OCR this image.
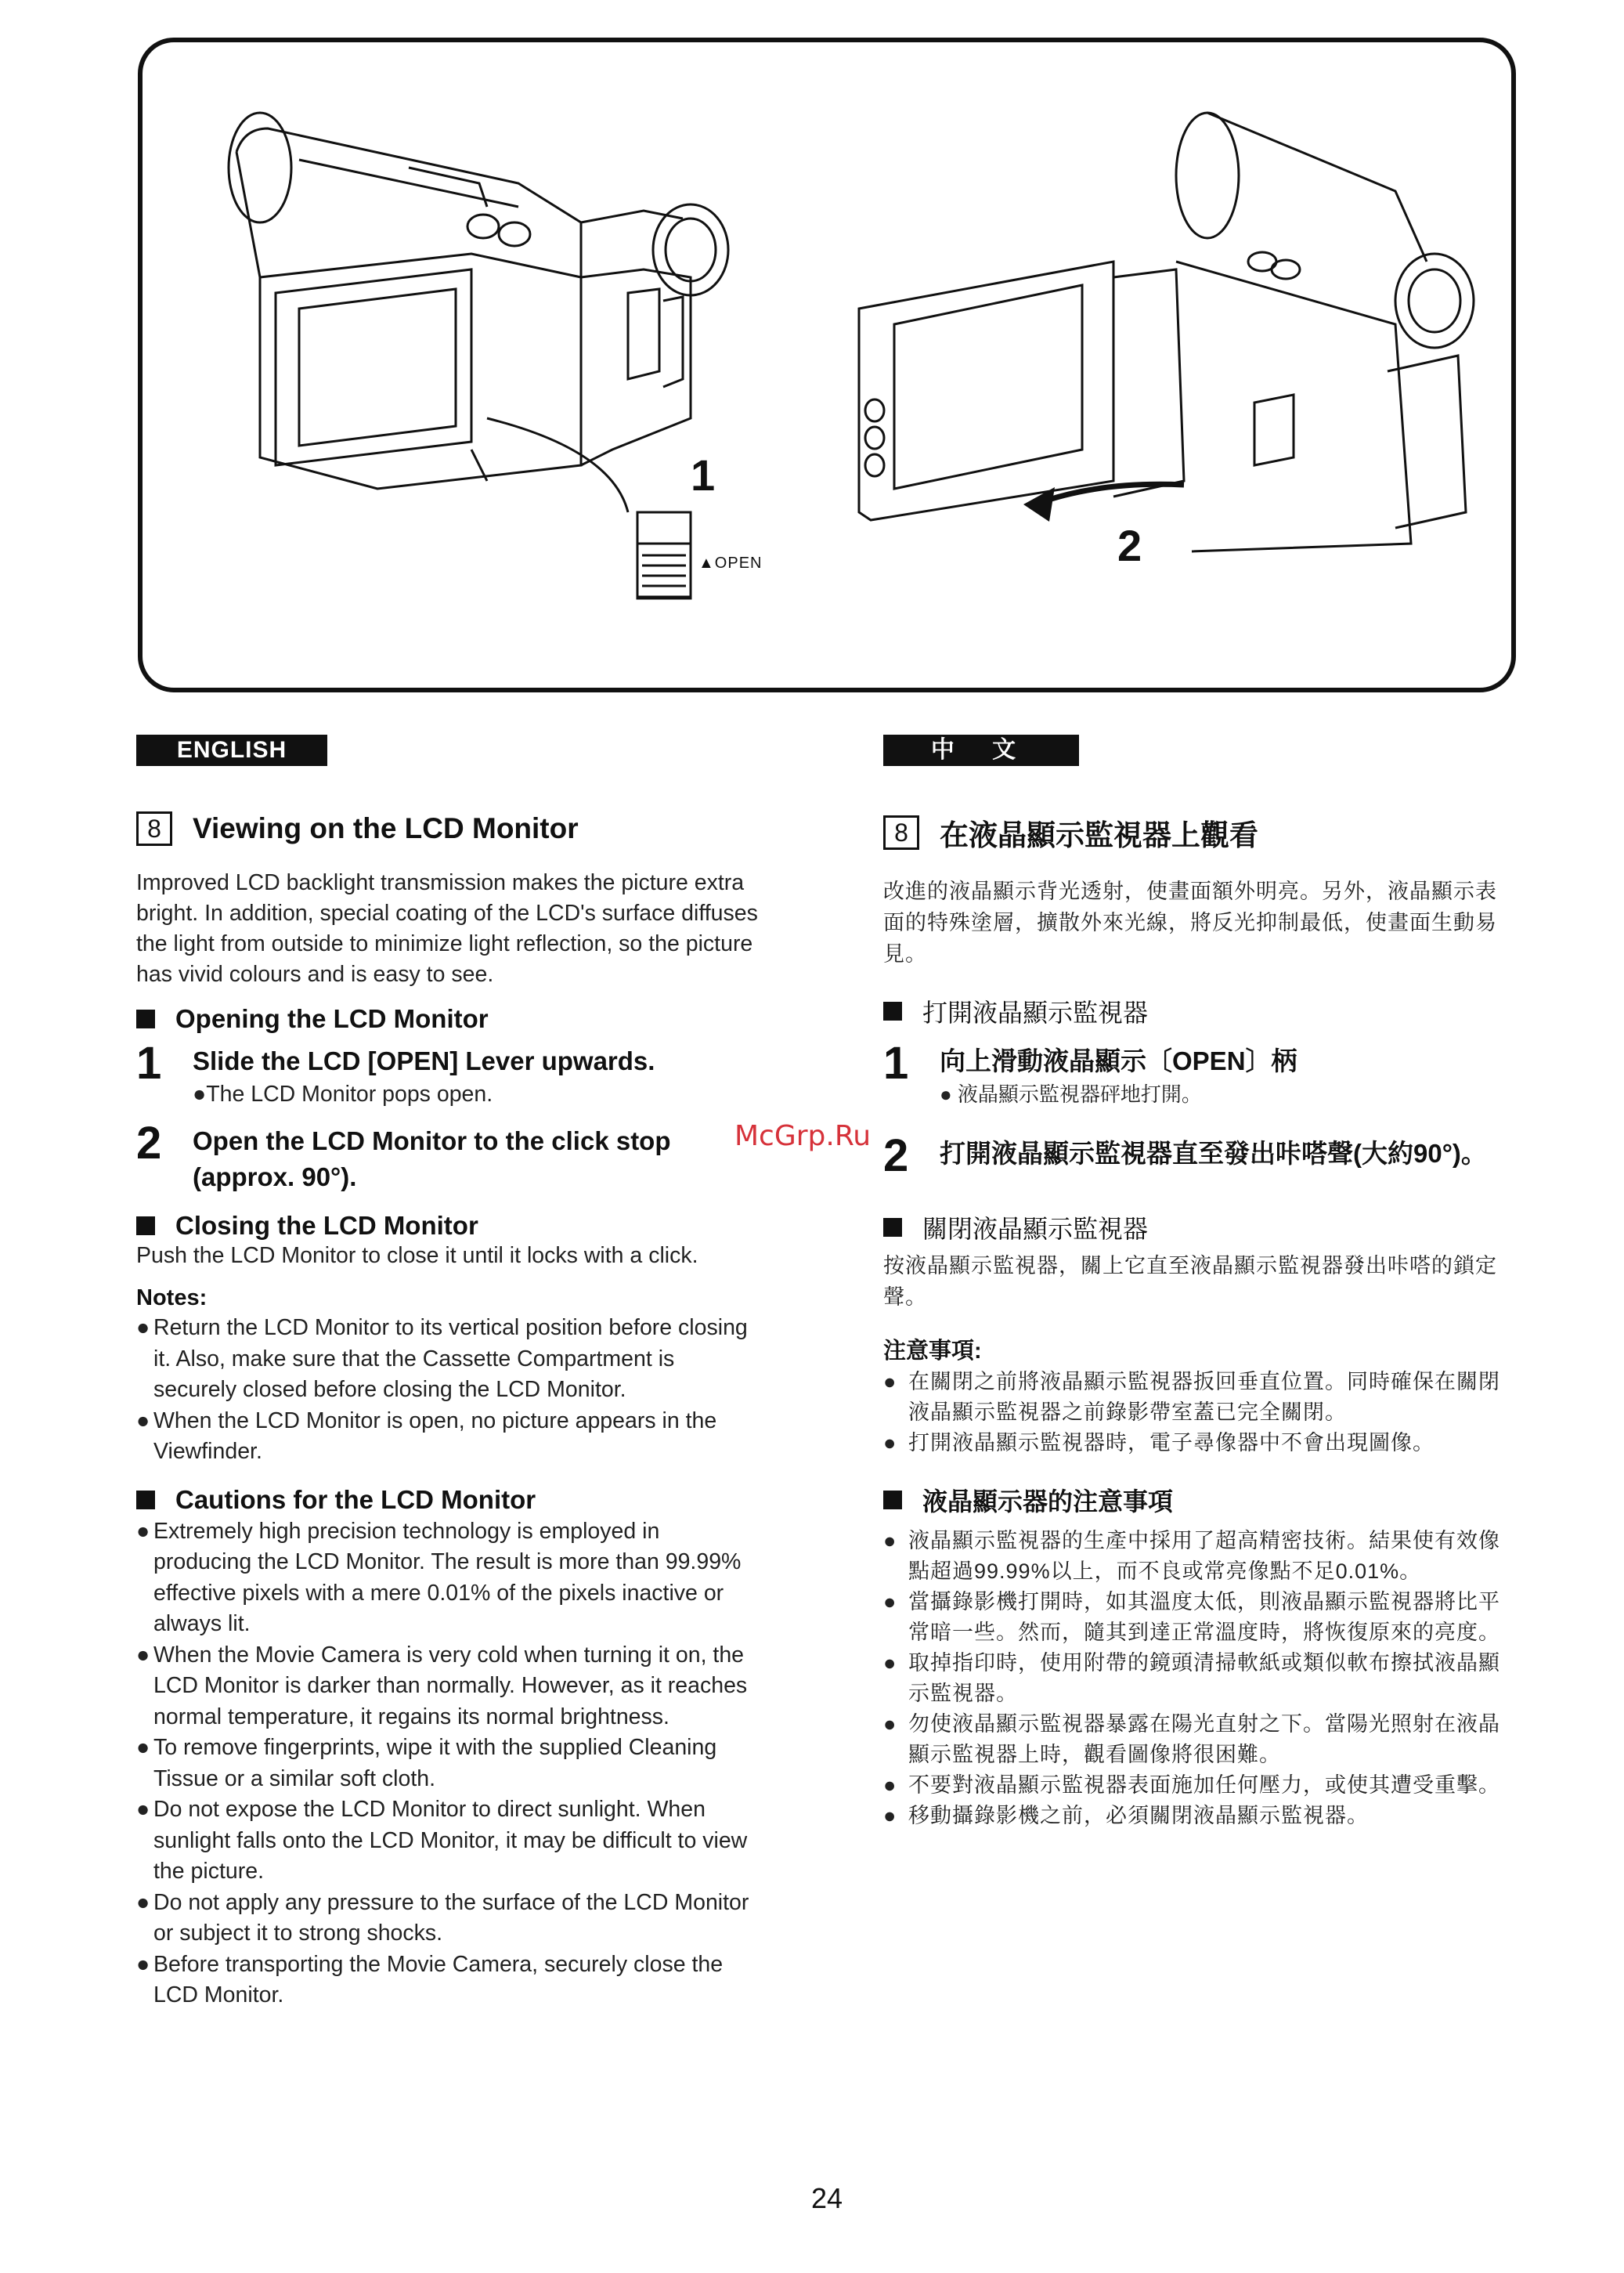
1
2
▲OPEN
ENGLISH
8	Viewing on the LCD Monitor
Improved LCD backlight transmission makes the picture extra bright. In addition, special coating of the LCD's surface diffuses the light from outside to minimize light reflection, so the picture has vivid colours and is easy to see.
Opening the LCD Monitor
1	Slide the LCD [OPEN] Lever upwards.
●The LCD Monitor pops open.
2	Open the LCD Monitor to the click stop (approx. 90°).
Closing the LCD Monitor
Push the LCD Monitor to close it until it locks with a click.
Notes:
● Return the LCD Monitor to its vertical position before closing it. Also, make sure that the Cassette Compartment is securely closed before closing the LCD Monitor.
● When the LCD Monitor is open, no picture appears in the Viewfinder.
Cautions for the LCD Monitor
● Extremely high precision technology is employed in producing the LCD Monitor. The result is more than 99.99% effective pixels with a mere 0.01% of the pixels inactive or always lit.
● When the Movie Camera is very cold when turning it on, the LCD Monitor is darker than normally. However, as it reaches normal temperature, it regains its normal brightness.
● To remove fingerprints, wipe it with the supplied Cleaning Tissue or a similar soft cloth.
● Do not expose the LCD Monitor to direct sunlight. When sunlight falls onto the LCD Monitor, it may be difficult to view the picture.
● Do not apply any pressure to the surface of the LCD Monitor or subject it to strong shocks.
● Before transporting the Movie Camera, securely close the LCD Monitor.
中 文
8	在液晶顯示監視器上觀看
改進的液晶顯示背光透射，使畫面額外明亮。另外，液晶顯示表面的特殊塗層，擴散外來光線，將反光抑制最低，使畫面生動易見。
打開液晶顯示監視器
1	向上滑動液晶顯示〔OPEN〕柄
● 液晶顯示監視器砰地打開。
2	打開液晶顯示監視器直至發出咔嗒聲(大約90°)。
關閉液晶顯示監視器
按液晶顯示監視器，關上它直至液晶顯示監視器發出咔嗒的鎖定聲。
注意事項:
● 在關閉之前將液晶顯示監視器扳回垂直位置。同時確保在關閉液晶顯示監視器之前錄影帶室蓋已完全關閉。
● 打開液晶顯示監視器時，電子尋像器中不會出現圖像。
液晶顯示器的注意事項
● 液晶顯示監視器的生產中採用了超高精密技術。結果使有效像點超過99.99%以上，而不良或常亮像點不足0.01%。
● 當攝錄影機打開時，如其溫度太低，則液晶顯示監視器將比平常暗一些。然而，隨其到達正常溫度時，將恢復原來的亮度。
● 取掉指印時，使用附帶的鏡頭清掃軟紙或類似軟布擦拭液晶顯示監視器。
● 勿使液晶顯示監視器暴露在陽光直射之下。當陽光照射在液晶顯示監視器上時，觀看圖像將很困難。
● 不要對液晶顯示監視器表面施加任何壓力，或使其遭受重擊。
● 移動攝錄影機之前，必須關閉液晶顯示監視器。
McGrp.Ru
24
